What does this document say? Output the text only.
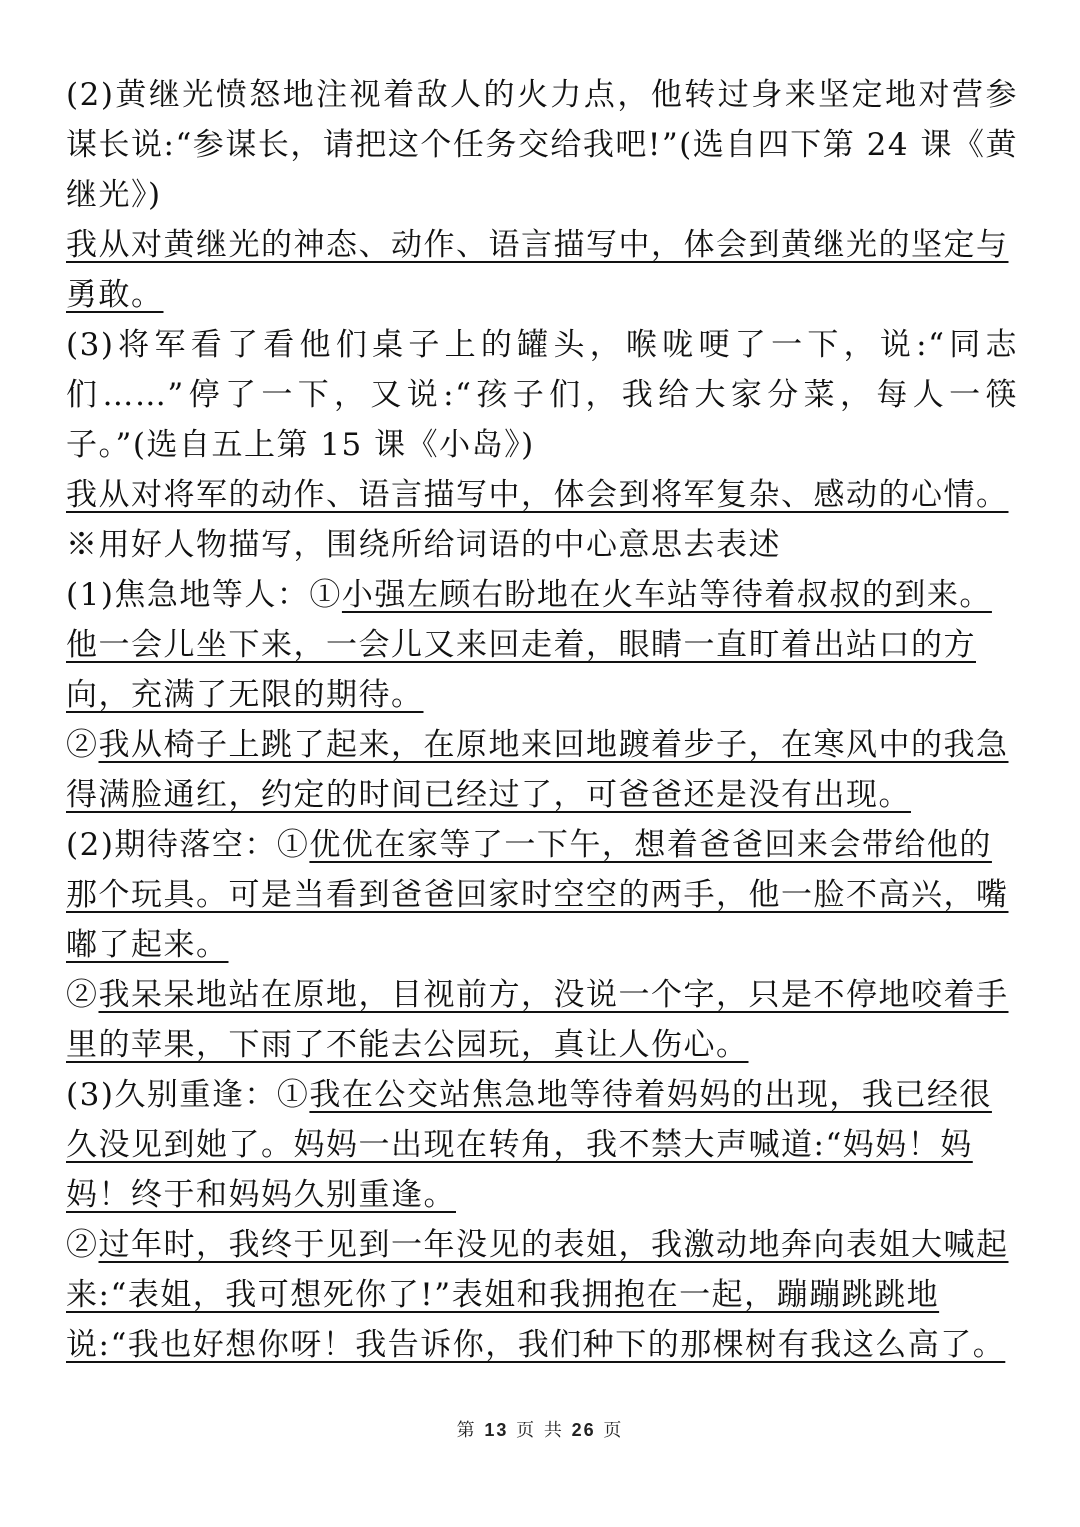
(2)黄继光愤怒地注视着敌人的火力点，他转过身来坚定地对营参谋长说:“参谋长，请把这个任务交给我吧!”(选自四下第 24 课《黄继光》)

我从对黄继光的神态、动作、语言描写中，体会到黄继光的坚定与勇敢。

(3)将军看了看他们桌子上的罐头，喉咙哽了一下，说:“同志们……”停了一下，又说:“孩子们，我给大家分菜，每人一筷子。”(选自五上第 15 课《小岛》)

我从对将军的动作、语言描写中，体会到将军复杂、感动的心情。

※用好人物描写，围绕所给词语的中心意思去表述

(1)焦急地等人：①小强左顾右盼地在火车站等待着叔叔的到来。他一会儿坐下来，一会儿又来回走着，眼睛一直盯着出站口的方向，充满了无限的期待。

②我从椅子上跳了起来，在原地来回地踱着步子，在寒风中的我急得满脸通红，约定的时间已经过了，可爸爸还是没有出现。

(2)期待落空：①优优在家等了一下午，想着爸爸回来会带给他的那个玩具。可是当看到爸爸回家时空空的两手，他一脸不高兴，嘴嘟了起来。

②我呆呆地站在原地，目视前方，没说一个字，只是不停地咬着手里的苹果，下雨了不能去公园玩，真让人伤心。

(3)久别重逢：①我在公交站焦急地等待着妈妈的出现，我已经很久没见到她了。妈妈一出现在转角，我不禁大声喊道:“妈妈！妈妈！终于和妈妈久别重逢。

②过年时，我终于见到一年没见的表姐，我激动地奔向表姐大喊起来:“表姐，我可想死你了!”表姐和我拥抱在一起，蹦蹦跳跳地说:“我也好想你呀！我告诉你，我们种下的那棵树有我这么高了。

第 13 页 共 26 页
